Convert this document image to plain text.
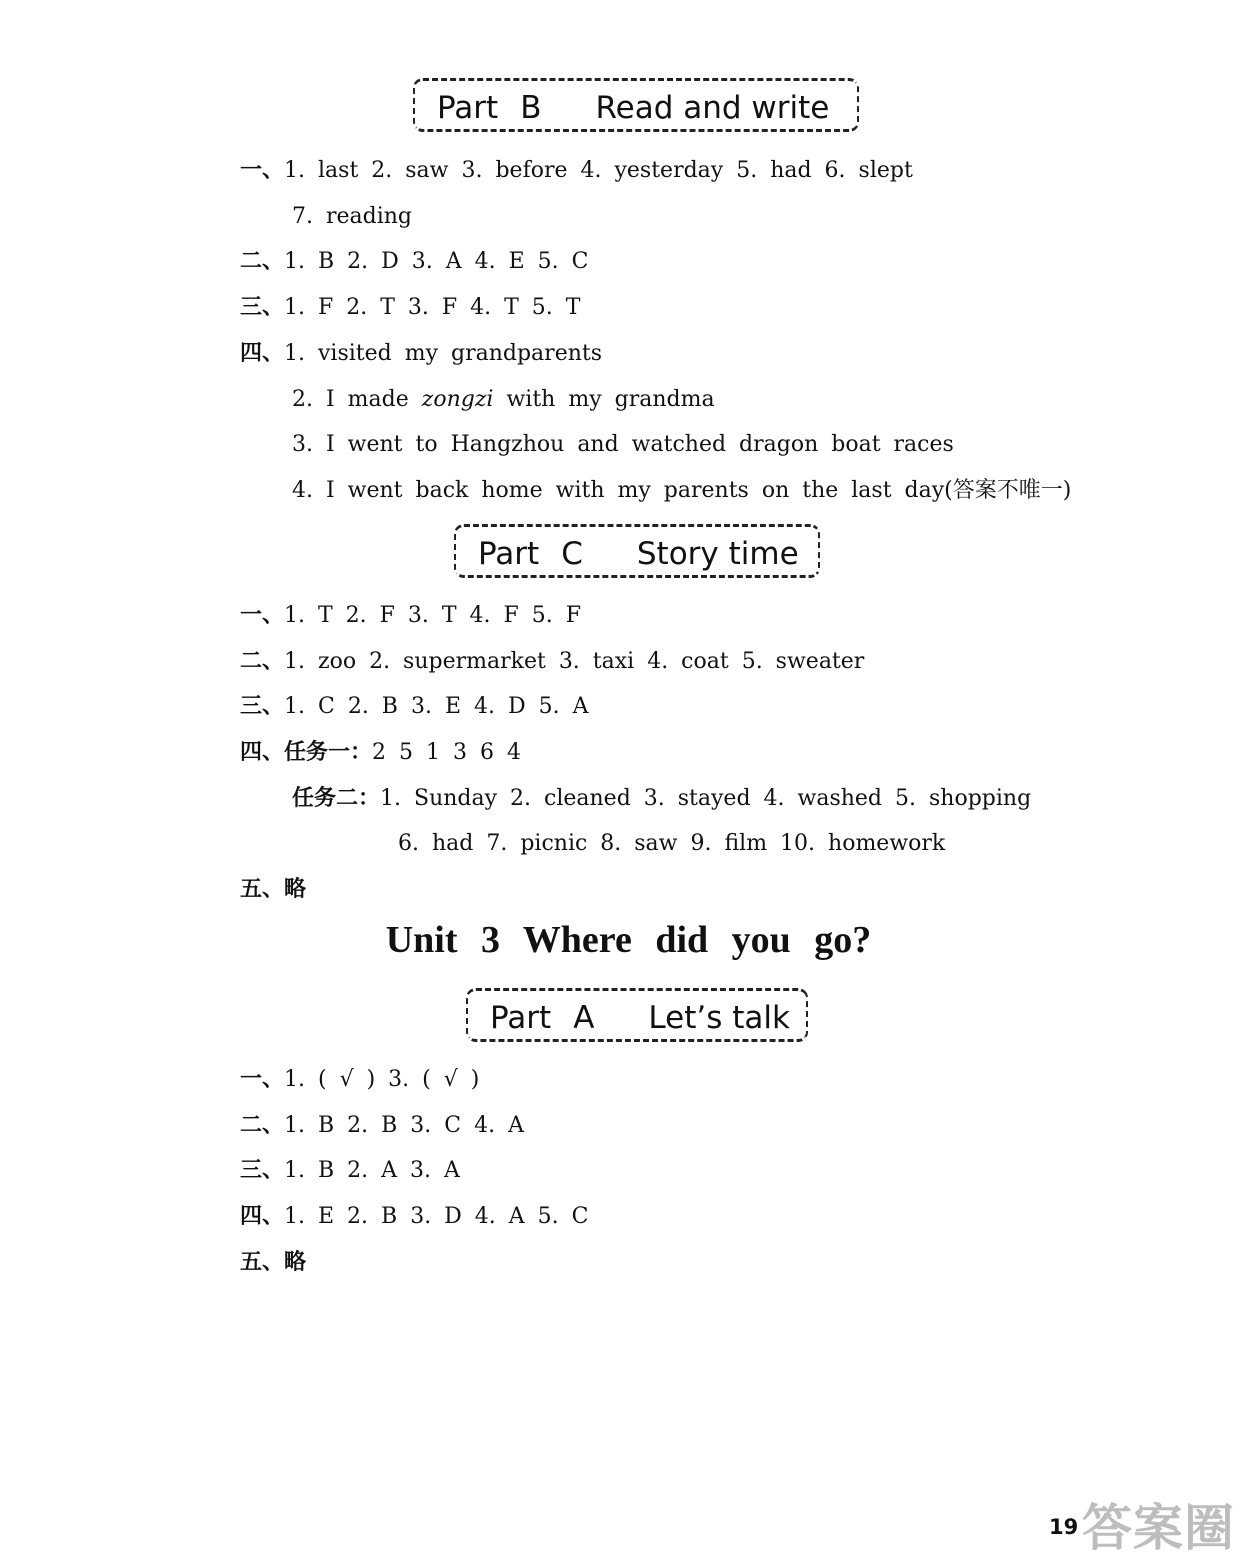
Part B Read and write
一、1. last 2. saw 3. before 4. yesterday 5. had 6. slept
7. reading
二、1. B 2. D 3. A 4. E 5. C
三、1. F 2. T 3. F 4. T 5. T
四、1. visited my grandparents
2. I made zongzi with my grandma
3. I went to Hangzhou and watched dragon boat races
4. I went back home with my parents on the last day(答案不唯一)
Part C Story time
一、1. T 2. F 3. T 4. F 5. F
二、1. zoo 2. supermarket 3. taxi 4. coat 5. sweater
三、1. C 2. B 3. E 4. D 5. A
四、任务一：2 5 1 3 6 4
任务二：1. Sunday 2. cleaned 3. stayed 4. washed 5. shopping
6. had 7. picnic 8. saw 9. film 10. homework
五、略
Unit 3 Where did you go?
Part A Let’s talk
一、1. ( √ ) 3. ( √ )
二、1. B 2. B 3. C 4. A
三、1. B 2. A 3. A
四、1. E 2. B 3. D 4. A 5. C
五、略
19 答案圈
